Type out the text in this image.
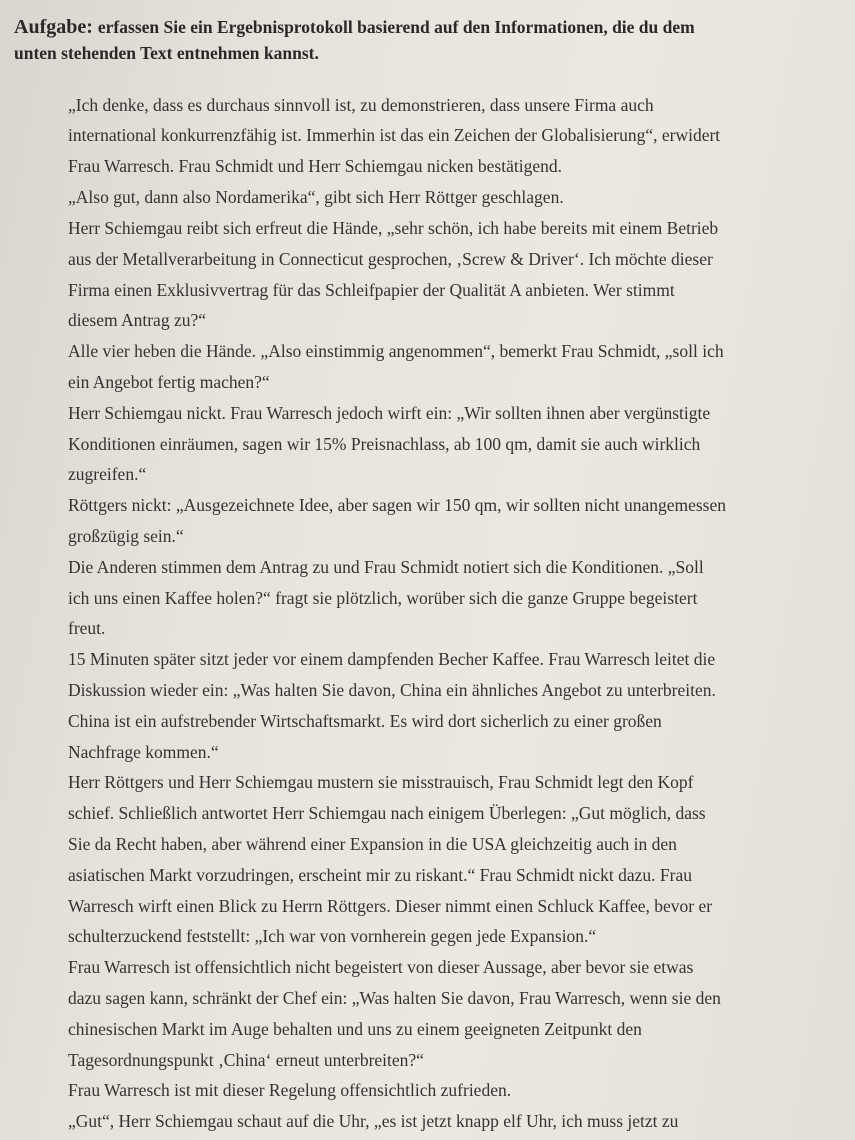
Aufgabe: erfassen Sie ein Ergebnisprotokoll basierend auf den Informationen, die du dem
unten stehenden Text entnehmen kannst.
„Ich denke, dass es durchaus sinnvoll ist, zu demonstrieren, dass unsere Firma auch
international konkurrenzfähig ist. Immerhin ist das ein Zeichen der Globalisierung“, erwidert
Frau Warresch. Frau Schmidt und Herr Schiemgau nicken bestätigend.
„Also gut, dann also Nordamerika“, gibt sich Herr Röttger geschlagen.
Herr Schiemgau reibt sich erfreut die Hände, „sehr schön, ich habe bereits mit einem Betrieb
aus der Metallverarbeitung in Connecticut gesprochen, ‚Screw & Driver‘. Ich möchte dieser
Firma einen Exklusivvertrag für das Schleifpapier der Qualität A anbieten. Wer stimmt
diesem Antrag zu?“
Alle vier heben die Hände. „Also einstimmig angenommen“, bemerkt Frau Schmidt, „soll ich
ein Angebot fertig machen?“
Herr Schiemgau nickt. Frau Warresch jedoch wirft ein: „Wir sollten ihnen aber vergünstigte
Konditionen einräumen, sagen wir 15% Preisnachlass, ab 100 qm, damit sie auch wirklich
zugreifen.“
Röttgers nickt: „Ausgezeichnete Idee, aber sagen wir 150 qm, wir sollten nicht unangemessen
großzügig sein.“
Die Anderen stimmen dem Antrag zu und Frau Schmidt notiert sich die Konditionen. „Soll
ich uns einen Kaffee holen?“ fragt sie plötzlich, worüber sich die ganze Gruppe begeistert
freut.
15 Minuten später sitzt jeder vor einem dampfenden Becher Kaffee. Frau Warresch leitet die
Diskussion wieder ein: „Was halten Sie davon, China ein ähnliches Angebot zu unterbreiten.
China ist ein aufstrebender Wirtschaftsmarkt. Es wird dort sicherlich zu einer großen
Nachfrage kommen.“
Herr Röttgers und Herr Schiemgau mustern sie misstrauisch, Frau Schmidt legt den Kopf
schief. Schließlich antwortet Herr Schiemgau nach einigem Überlegen: „Gut möglich, dass
Sie da Recht haben, aber während einer Expansion in die USA gleichzeitig auch in den
asiatischen Markt vorzudringen, erscheint mir zu riskant.“ Frau Schmidt nickt dazu. Frau
Warresch wirft einen Blick zu Herrn Röttgers. Dieser nimmt einen Schluck Kaffee, bevor er
schulterzuckend feststellt: „Ich war von vornherein gegen jede Expansion.“
Frau Warresch ist offensichtlich nicht begeistert von dieser Aussage, aber bevor sie etwas
dazu sagen kann, schränkt der Chef ein: „Was halten Sie davon, Frau Warresch, wenn sie den
chinesischen Markt im Auge behalten und uns zu einem geeigneten Zeitpunkt den
Tagesordnungspunkt ‚China‘ erneut unterbreiten?“
Frau Warresch ist mit dieser Regelung offensichtlich zufrieden.
„Gut“, Herr Schiemgau schaut auf die Uhr, „es ist jetzt knapp elf Uhr, ich muss jetzt zu
